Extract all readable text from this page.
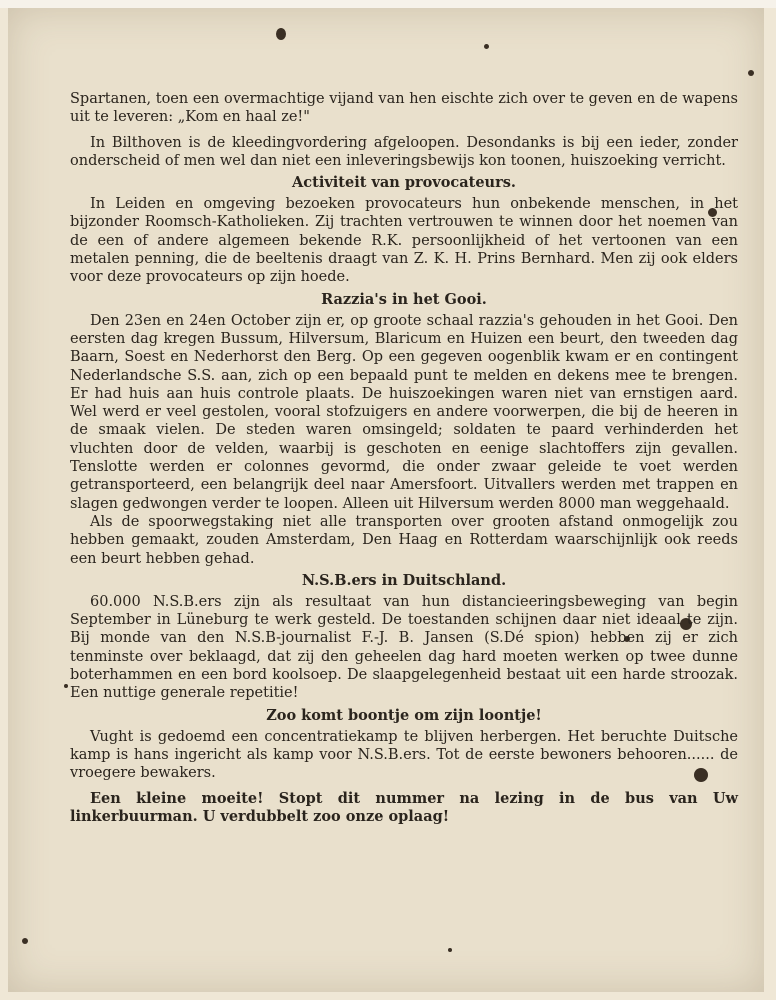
Spartanen, toen een overmachtige vijand van hen eischte zich over te geven en de wapens uit te leveren: „Kom en haal ze!"

In Bilthoven is de kleedingvordering afgeloopen. Desondanks is bij een ieder, zonder onderscheid of men wel dan niet een inleveringsbewijs kon toonen, huiszoeking verricht.

Activiteit van provocateurs.

In Leiden en omgeving bezoeken provocateurs hun onbekende menschen, in het bijzonder Roomsch-Katholieken. Zij trachten vertrouwen te winnen door het noemen van de een of andere algemeen bekende R.K. persoonlijkheid of het vertoonen van een metalen penning, die de beeltenis draagt van Z. K. H. Prins Bernhard. Men zij ook elders voor deze provocateurs op zijn hoede.

Razzia's in het Gooi.

Den 23en en 24en October zijn er, op groote schaal razzia's gehouden in het Gooi. Den eersten dag kregen Bussum, Hilversum, Blaricum en Huizen een beurt, den tweeden dag Baarn, Soest en Nederhorst den Berg. Op een gegeven oogenblik kwam er en contingent Nederlandsche S.S. aan, zich op een bepaald punt te melden en dekens mee te brengen. Er had huis aan huis controle plaats. De huiszoekingen waren niet van ernstigen aard. Wel werd er veel gestolen, vooral stofzuigers en andere voorwerpen, die bij de heeren in de smaak vielen. De steden waren omsingeld; soldaten te paard verhinderden het vluchten door de velden, waarbij is geschoten en eenige slachtoffers zijn gevallen. Tenslotte werden er colonnes gevormd, die onder zwaar geleide te voet werden getransporteerd, een belangrijk deel naar Amersfoort. Uitvallers werden met trappen en slagen gedwongen verder te loopen. Alleen uit Hilversum werden 8000 man weggehaald.

Als de spoorwegstaking niet alle transporten over grooten afstand onmogelijk zou hebben gemaakt, zouden Amsterdam, Den Haag en Rotterdam waarschijnlijk ook reeds een beurt hebben gehad.

N.S.B.ers in Duitschland.

60.000 N.S.B.ers zijn als resultaat van hun distancieeringsbeweging van begin September in Lüneburg te werk gesteld. De toestanden schijnen daar niet ideaal te zijn. Bij monde van den N.S.B-journalist F.-J. B. Jansen (S.Dé spion) hebben zij er zich tenminste over beklaagd, dat zij den geheelen dag hard moeten werken op twee dunne boterhammen en een bord koolsoep. De slaapgelegenheid bestaat uit een harde stroozak. Een nuttige generale repetitie!

Zoo komt boontje om zijn loontje!

Vught is gedoemd een concentratiekamp te blijven herbergen. Het beruchte Duitsche kamp is hans ingericht als kamp voor N.S.B.ers. Tot de eerste bewoners behooren...... de vroegere bewakers.

Een kleine moeite! Stopt dit nummer na lezing in de bus van Uw linkerbuurman. U verdubbelt zoo onze oplaag!
